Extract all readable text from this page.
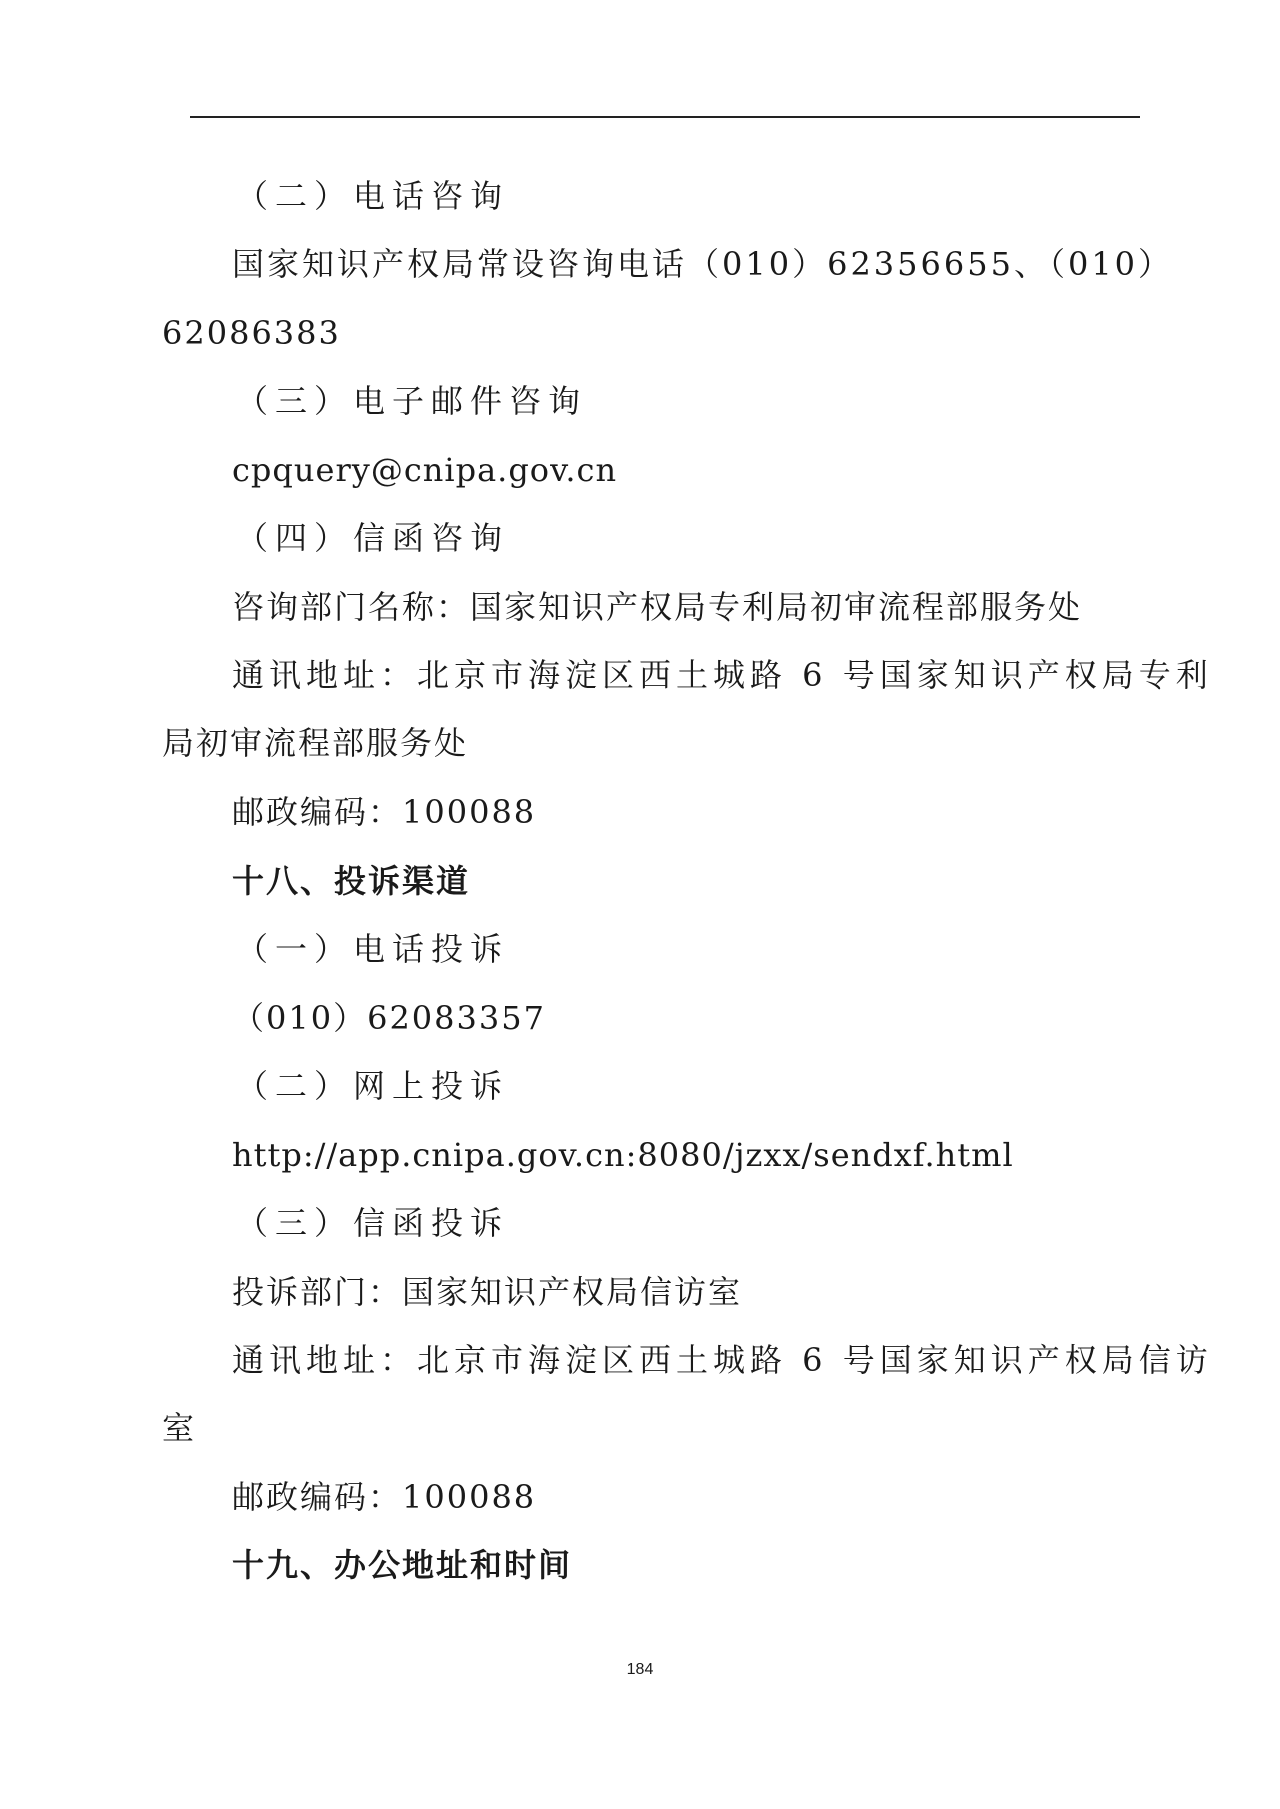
（二）电话咨询
国家知识产权局常设咨询电话（010）62356655、（010）
62086383
（三）电子邮件咨询
cpquery@cnipa.gov.cn
（四）信函咨询
咨询部门名称：国家知识产权局专利局初审流程部服务处
通讯地址：北京市海淀区西土城路 6 号国家知识产权局专利
局初审流程部服务处
邮政编码：100088
十八、投诉渠道
（一）电话投诉
（010）62083357
（二）网上投诉
http://app.cnipa.gov.cn:8080/jzxx/sendxf.html
（三）信函投诉
投诉部门：国家知识产权局信访室
通讯地址：北京市海淀区西土城路 6 号国家知识产权局信访
室
邮政编码：100088
十九、办公地址和时间
184
